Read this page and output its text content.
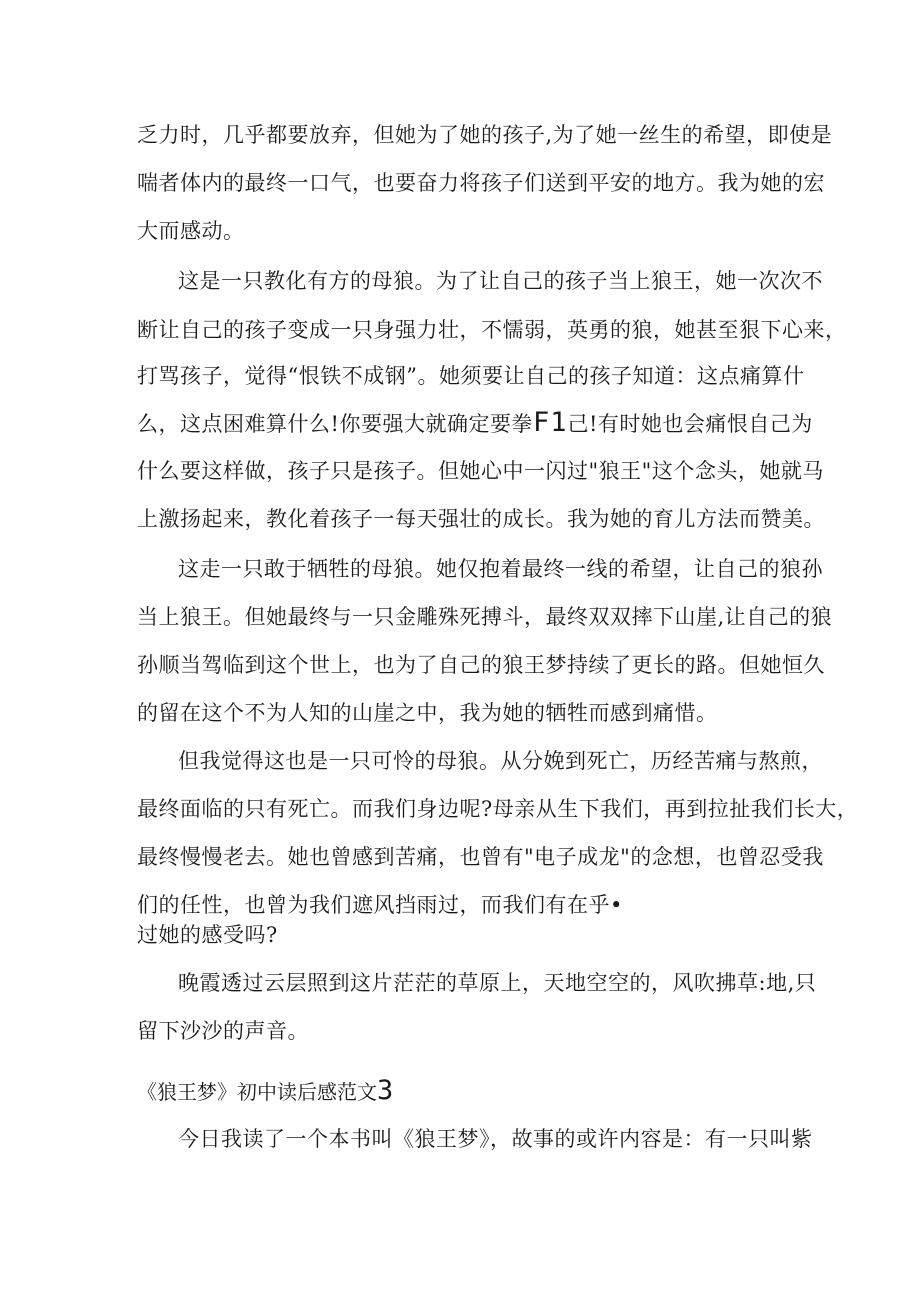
乏力时，几乎都要放弃，但她为了她的孩子,为了她一丝生的希望，即使是
喘者体内的最终一口气，也要奋力将孩子们送到平安的地方。我为她的宏
大而感动。
这是一只教化有方的母狼。为了让自己的孩子当上狼王，她一次次不
断让自己的孩子变成一只身强力壮，不懦弱，英勇的狼，她甚至狠下心来，
打骂孩子，觉得“恨铁不成钢”。她须要让自己的孩子知道：这点痛算什
么，这点困难算什么!你要强大就确定要拳F1己!有时她也会痛恨自己为
什么要这样做，孩子只是孩子。但她心中一闪过"狼王"这个念头，她就马
上激扬起来，教化着孩子一每天强壮的成长。我为她的育儿方法而赞美。
这走一只敢于牺牲的母狼。她仅抱着最终一线的希望，让自己的狼孙
当上狼王。但她最终与一只金雕殊死搏斗，最终双双摔下山崖,让自己的狼
孙顺当驾临到这个世上，也为了自己的狼王梦持续了更长的路。但她恒久
的留在这个不为人知的山崖之中，我为她的牺牲而感到痛惜。
但我觉得这也是一只可怜的母狼。从分娩到死亡，历经苦痛与熬煎，
最终面临的只有死亡。而我们身边呢?母亲从生下我们，再到拉扯我们长大，
最终慢慢老去。她也曾感到苦痛，也曾有"电子成龙"的念想，也曾忍受我
们的任性，也曾为我们遮风挡雨过，而我们有在乎•
过她的感受吗?
晚霞透过云层照到这片茫茫的草原上，天地空空的，风吹拂草:地,只
留下沙沙的声音。
《狼王梦》初中读后感范文3
今日我读了一个本书叫《狼王梦》，故事的或许内容是：有一只叫紫
